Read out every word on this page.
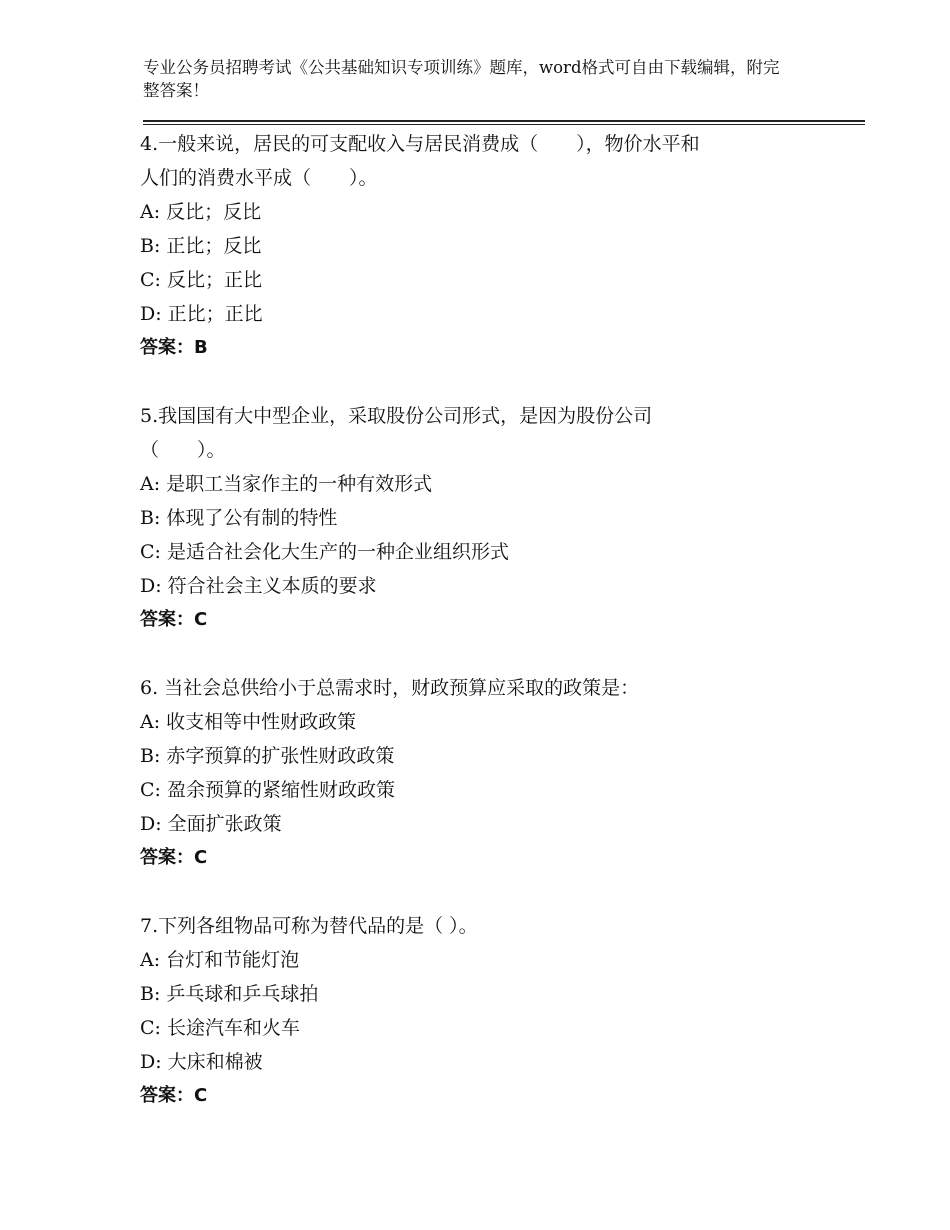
专业公务员招聘考试《公共基础知识专项训练》题库，word格式可自由下载编辑，附完整答案！
4.一般来说，居民的可支配收入与居民消费成（　　），物价水平和
人们的消费水平成（　　）。
A: 反比；反比
B: 正比；反比
C: 反比；正比
D: 正比；正比
答案：B
5.我国国有大中型企业，采取股份公司形式，是因为股份公司
（　　）。
A: 是职工当家作主的一种有效形式
B: 体现了公有制的特性
C: 是适合社会化大生产的一种企业组织形式
D: 符合社会主义本质的要求
答案：C
6. 当社会总供给小于总需求时，财政预算应采取的政策是：
A: 收支相等中性财政政策
B: 赤字预算的扩张性财政政策
C: 盈余预算的紧缩性财政政策
D: 全面扩张政策
答案：C
7.下列各组物品可称为替代品的是（ ）。
A: 台灯和节能灯泡
B: 乒乓球和乒乓球拍
C: 长途汽车和火车
D: 大床和棉被
答案：C
